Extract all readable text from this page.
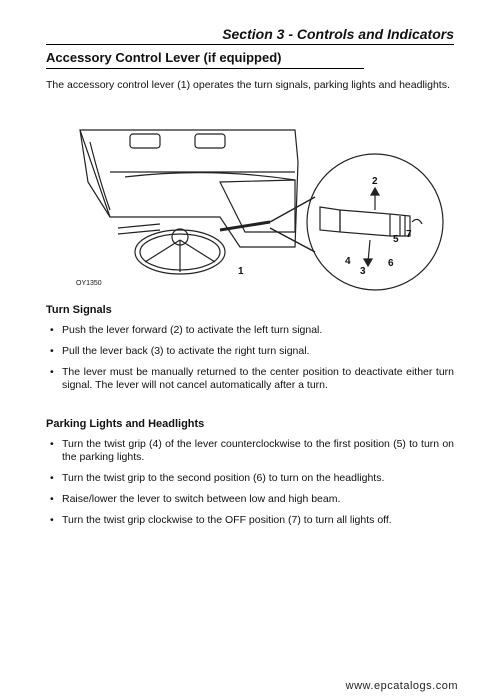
Section 3 - Controls and Indicators
Accessory Control Lever (if equipped)
The accessory control lever (1) operates the turn signals, parking lights and headlights.
1
2
3
4
5
6
7
OY1350
Turn Signals
• Push the lever forward (2) to activate the left turn signal.
• Pull the lever back (3) to activate the right turn signal.
• The lever must be manually returned to the center position to deactivate either turn signal. The lever will not cancel automatically after a turn.
Parking Lights and Headlights
• Turn the twist grip (4) of the lever counterclockwise to the first position (5) to turn on the parking lights.
• Turn the twist grip to the second position (6) to turn on the headlights.
• Raise/lower the lever to switch between low and high beam.
• Turn the twist grip clockwise to the OFF position (7) to turn all lights off.
www.epcatalogs.com
